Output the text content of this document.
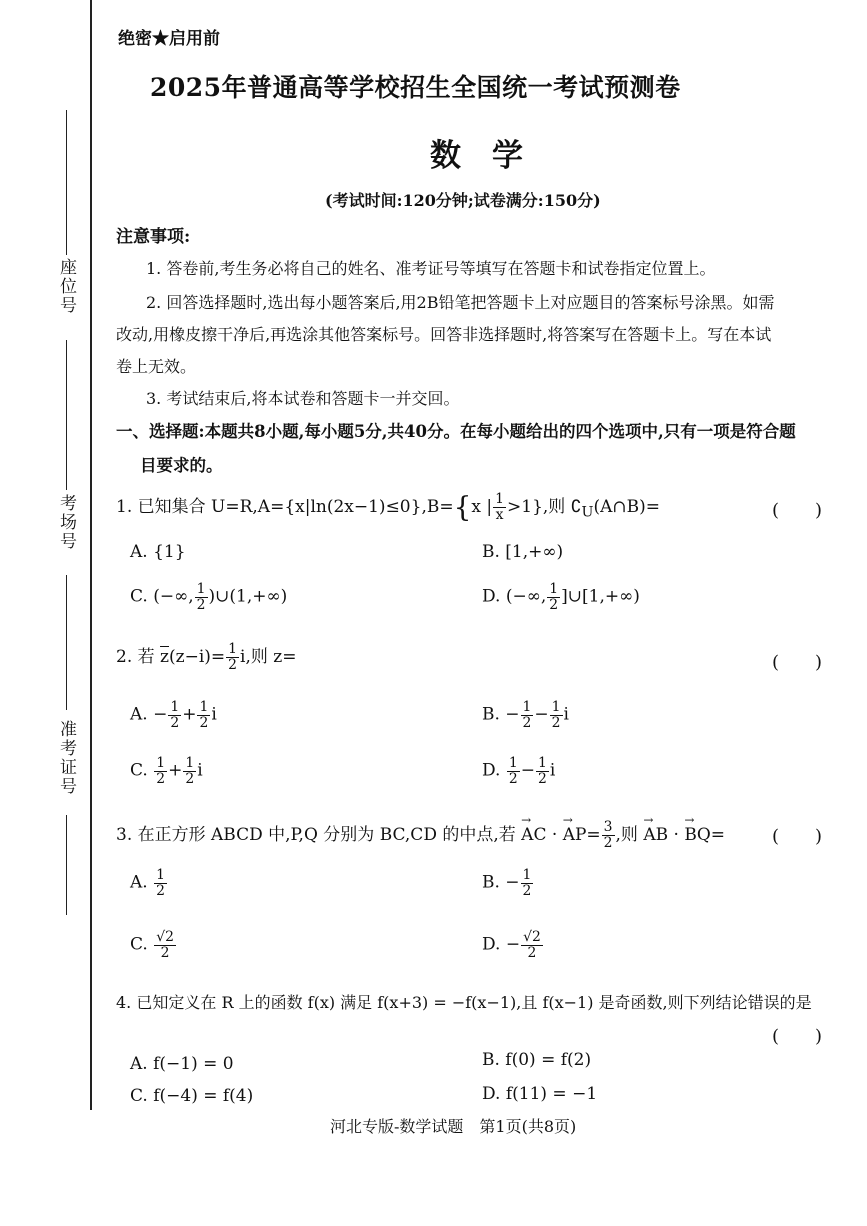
座位号
考场号
准考证号
绝密★启用前
2025年普通高等学校招生全国统一考试预测卷
数　学
(考试时间:120分钟;试卷满分:150分)
注意事项:
1. 答卷前,考生务必将自己的姓名、准考证号等填写在答题卡和试卷指定位置上。
2. 回答选择题时,选出每小题答案后,用2B铅笔把答题卡上对应题目的答案标号涂黑。如需
改动,用橡皮擦干净后,再选涂其他答案标号。回答非选择题时,将答案写在答题卡上。写在本试
卷上无效。
3. 考试结束后,将本试卷和答题卡一并交回。
一、选择题:本题共8小题,每小题5分,共40分。在每小题给出的四个选项中,只有一项是符合题
目要求的。
1. 已知集合 U=R,A={x|ln(2x−1)≤0},B={x | $\frac{1}{x} >1$},则 $∁_U(A\cap B)=$	(　　)
A. {1}	B. [1,+∞)
C. (−∞, $\frac{1}{2}$ )∪(1,+∞)	D. (−∞, $\frac{1}{2}$ ]∪[1,+∞)
2. 若 $\overline{z}(z-i)= \frac{1}{2} i$,则 z=	(　　)
A. − $\frac{1}{2} + \frac{1}{2}$ i	B. − $\frac{1}{2} - \frac{1}{2}$ i
C. $\frac{1}{2} + \frac{1}{2}$ i	D. $\frac{1}{2} - \frac{1}{2}$ i
3. 在正方形 ABCD 中,P,Q 分别为 BC,CD 的中点,若 → AC · → $AP= \frac{3}{2}$ ,则 → AB · → BQ=	(　　)
A. $\frac{1}{2}$	B. − $\frac{1}{2}$
C. $\frac{√2}{2}$	D. − $\frac{√2}{2}$
4. 已知定义在 R 上的函数 f(x) 满足 f(x+3) = −f(x−1),且 f(x−1) 是奇函数,则下列结论错误的是
(　　)
A. f(−1) = 0	B. f(0) = f(2)
C. f(−4) = f(4)	D. f(11) = −1
河北专版-数学试题　第1页(共8页)
